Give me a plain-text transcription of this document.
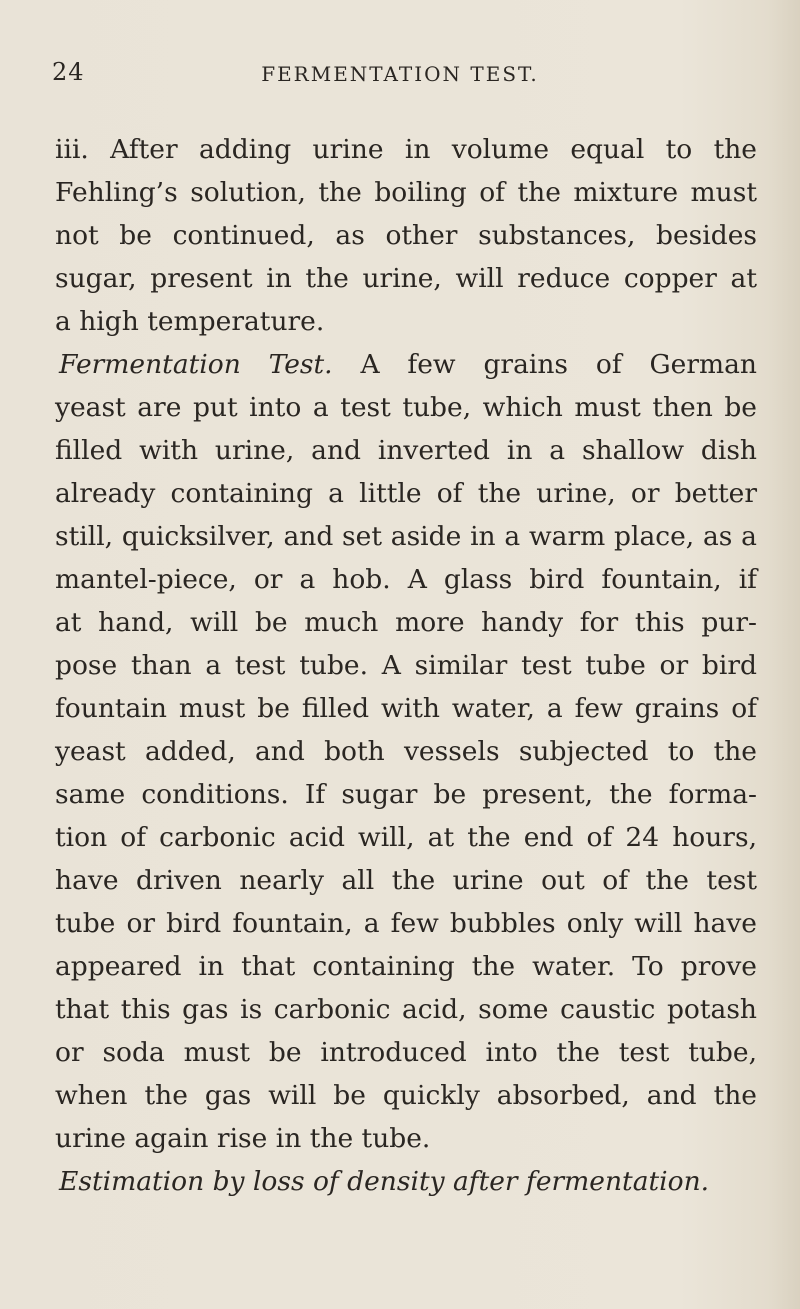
24	FERMENTATION TEST.
iii. After adding urine in volume equal to the
Fehling’s solution, the boiling of the mixture must
not be continued, as other substances, besides
sugar, present in the urine, will reduce copper at
a high temperature.
Fermentation Test. A few grains of German
yeast are put into a test tube, which must then be
filled with urine, and inverted in a shallow dish
already containing a little of the urine, or better
still, quicksilver, and set aside in a warm place, as a
mantel-piece, or a hob. A glass bird fountain, if
at hand, will be much more handy for this pur-
pose than a test tube. A similar test tube or bird
fountain must be filled with water, a few grains of
yeast added, and both vessels subjected to the
same conditions. If sugar be present, the forma-
tion of carbonic acid will, at the end of 24 hours,
have driven nearly all the urine out of the test
tube or bird fountain, a few bubbles only will have
appeared in that containing the water. To prove
that this gas is carbonic acid, some caustic potash
or soda must be introduced into the test tube,
when the gas will be quickly absorbed, and the
urine again rise in the tube.
Estimation by loss of density after fermentation.
